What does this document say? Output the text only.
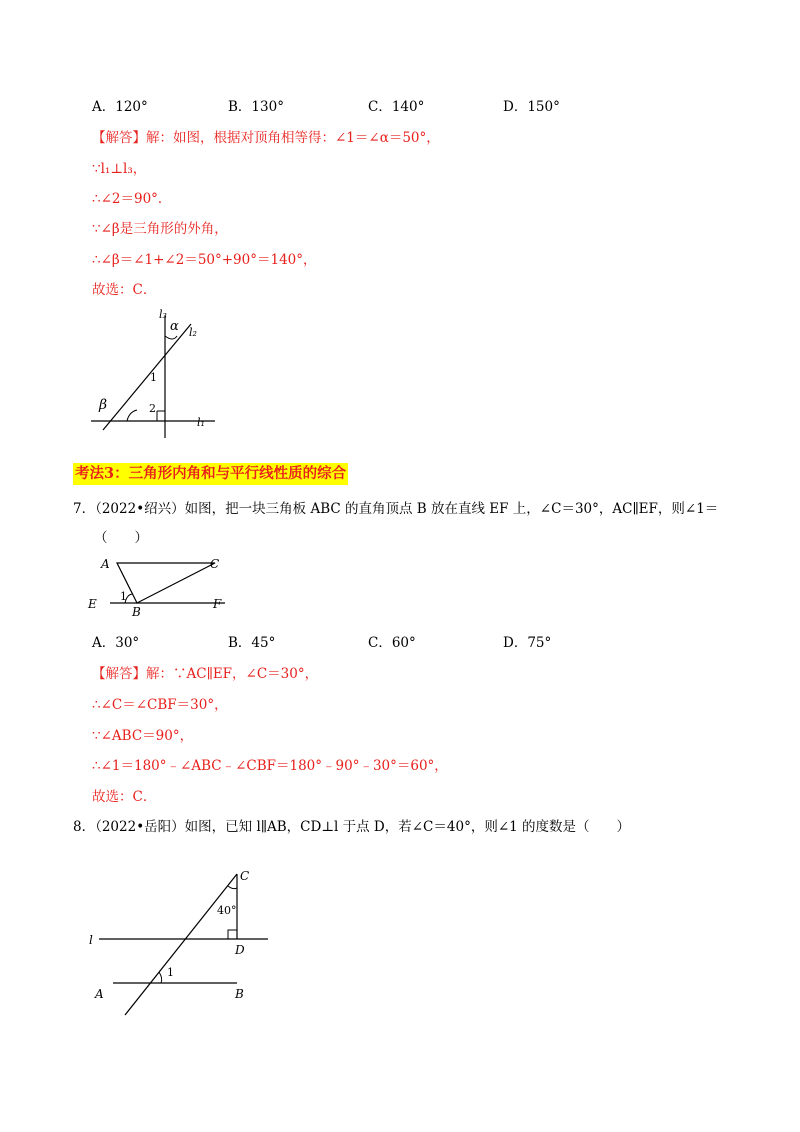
A．120°	B．130°	C．140°	D．150°
【解答】解：如图，根据对顶角相等得：∠1＝∠α＝50°，
∵l₁⊥l₃，
∴∠2＝90°．
∵∠β是三角形的外角，
∴∠β＝∠1+∠2＝50°+90°＝140°，
故选：C．
l₃
α l₂
1
2
β
l₁
考法3：三角形内角和与平行线性质的综合
7．（2022•绍兴）如图，把一块三角板 ABC 的直角顶点 B 放在直线 EF 上，∠C＝30°，AC∥EF，则∠1＝
（　　）
A	C
E
1
B
F
A．30°	B．45°	C．60°	D．75°
【解答】解：∵AC∥EF，∠C＝30°，
∴∠C＝∠CBF＝30°，
∵∠ABC＝90°，
∴∠1＝180°﹣∠ABC﹣∠CBF＝180°﹣90°﹣30°＝60°，
故选：C．
8．（2022•岳阳）如图，已知 l∥AB，CD⊥l 于点 D，若∠C＝40°，则∠1 的度数是（　　）
C
40°
l
D
1
A	B
